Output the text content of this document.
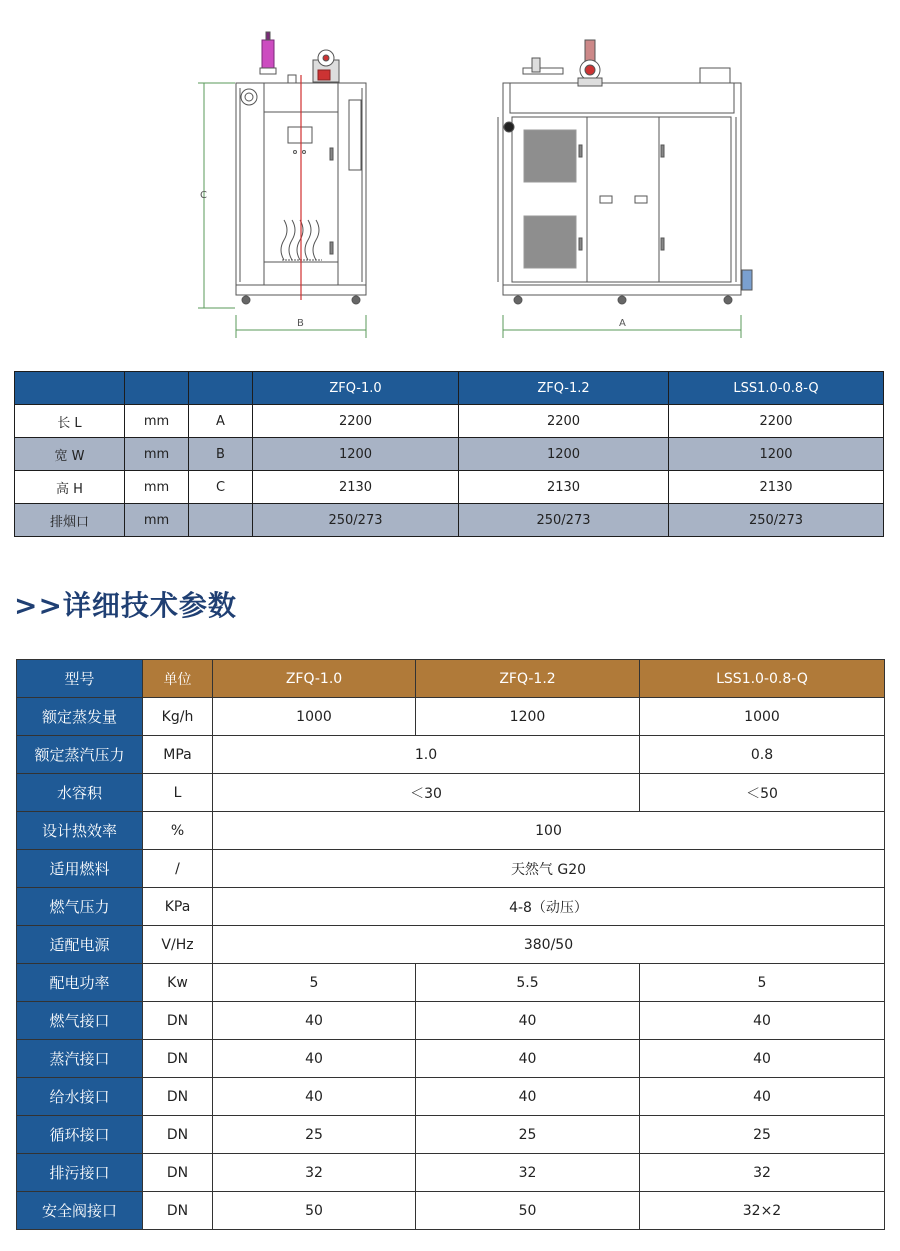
C
B	A
			ZFQ-1.0	ZFQ-1.2	LSS1.0-0.8-Q
长 L	mm	A	2200	2200	2200
宽 W	mm	B	1200	1200	1200
高 H	mm	C	2130	2130	2130
排烟口	mm		250/273	250/273	250/273
>>详细技术参数
型号	单位	ZFQ-1.0	ZFQ-1.2	LSS1.0-0.8-Q
额定蒸发量	Kg/h	1000	1200	1000
额定蒸汽压力	MPa	1.0		0.8
水容积	L	＜30		＜50
设计热效率	%	100		
适用燃料	/	天然气 G20		
燃气压力	KPa	4-8（动压）		
适配电源	V/Hz	380/50		
配电功率	Kw	5	5.5	5
燃气接口	DN	40	40	40
蒸汽接口	DN	40	40	40
给水接口	DN	40	40	40
循环接口	DN	25	25	25
排污接口	DN	32	32	32
安全阀接口	DN	50	50	32×2
